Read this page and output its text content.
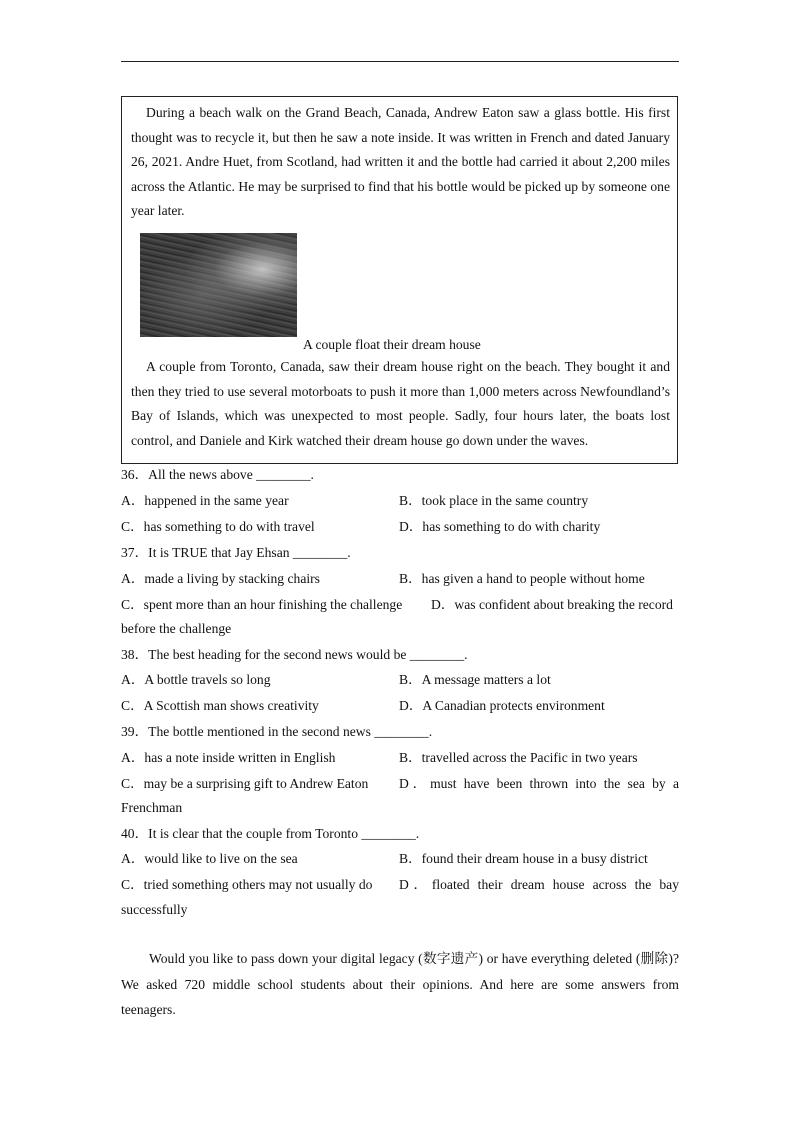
During a beach walk on the Grand Beach, Canada, Andrew Eaton saw a glass bottle. His first thought was to recycle it, but then he saw a note inside. It was written in French and dated January 26, 2021. Andre Huet, from Scotland, had written it and the bottle had carried it about 2,200 miles across the Atlantic. He may be surprised to find that his bottle would be picked up by someone one year later.
A couple float their dream house
A couple from Toronto, Canada, saw their dream house right on the beach. They bought it and then they tried to use several motorboats to push it more than 1,000 meters across Newfoundland’s Bay of Islands, which was unexpected to most people. Sadly, four hours later, the boats lost control, and Daniele and Kirk watched their dream house go down under the waves.
36．All the news above ________.
A．happened in the same year	B．took place in the same country
C．has something to do with travel	D．has something to do with charity
37．It is TRUE that Jay Ehsan ________.
A．made a living by stacking chairs	B．has given a hand to people without home
C．spent more than an hour finishing the challenge D．was confident about breaking the record
before the challenge
38．The best heading for the second news would be ________.
A．A bottle travels so long	B．A message matters a lot
C．A Scottish man shows creativity	D．A Canadian protects environment
39．The bottle mentioned in the second news ________.
A．has a note inside written in English	B．travelled across the Pacific in two years
C．may be a surprising gift to Andrew Eaton D．must have been thrown into the sea by a
Frenchman
40．It is clear that the couple from Toronto ________.
A．would like to live on the sea	B．found their dream house in a busy district
C．tried something others may not usually do D．floated their dream house across the bay
successfully
Would you like to pass down your digital legacy (数字遗产) or have everything deleted (删除)? We asked 720 middle school students about their opinions. And here are some answers from teenagers.
